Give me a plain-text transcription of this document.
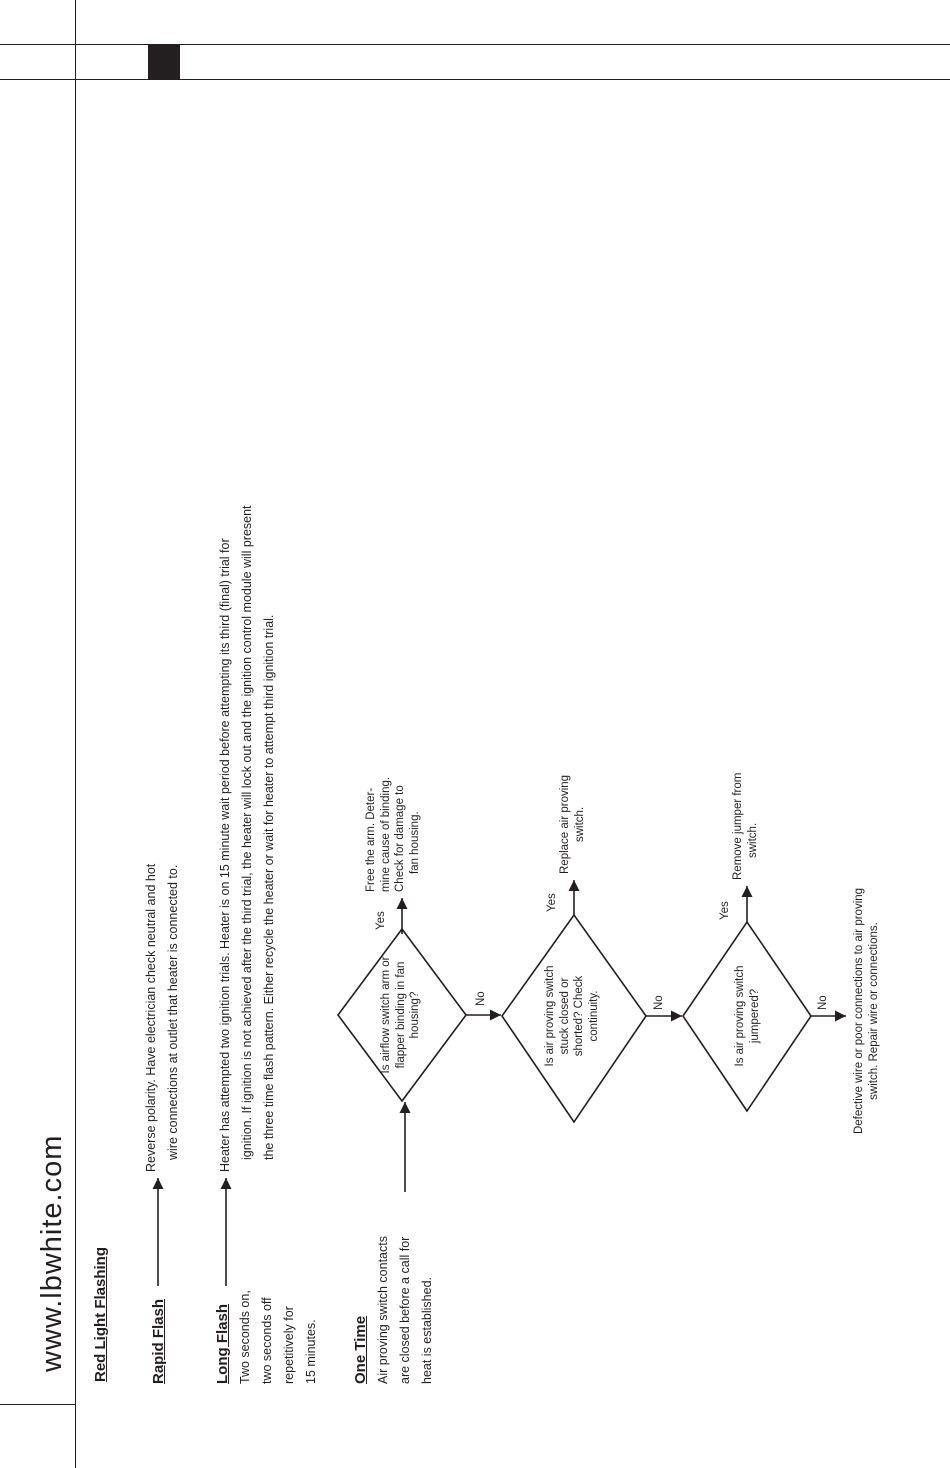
www.lbwhite.com Red Light Flashing	Rapid Flash
Reverse polarity. Have electrician check neutral and hot wire connections at outlet that heater is connected to.
Long Flash Two seconds on, two seconds off repetitively for 15 minutes.
Heater has attempted two ignition trials. Heater is on 15 minute wait period before attempting its third (final) trial for ignition. If ignition is not achieved after the third trial, the heater will lock out and the ignition control module will present the three time flash pattern. Either recycle the heater or wait for heater to attempt third ignition trial.
One Time Air proving switch contacts are closed before a call for heat is established.
Is airflow switch arm or flapper binding in fan housing?
Yes
Free the arm. Deter- mine cause of binding. Check for damage to fan housing.
No	Is air proving switch stuck closed or shorted? Check continuity.
Yes
Replace air proving switch.
No	Is air proving switch jumpered?
Yes
Remove jumper from switch.
No Defective wire or poor connections to air proving switch. Repair wire or connections.
